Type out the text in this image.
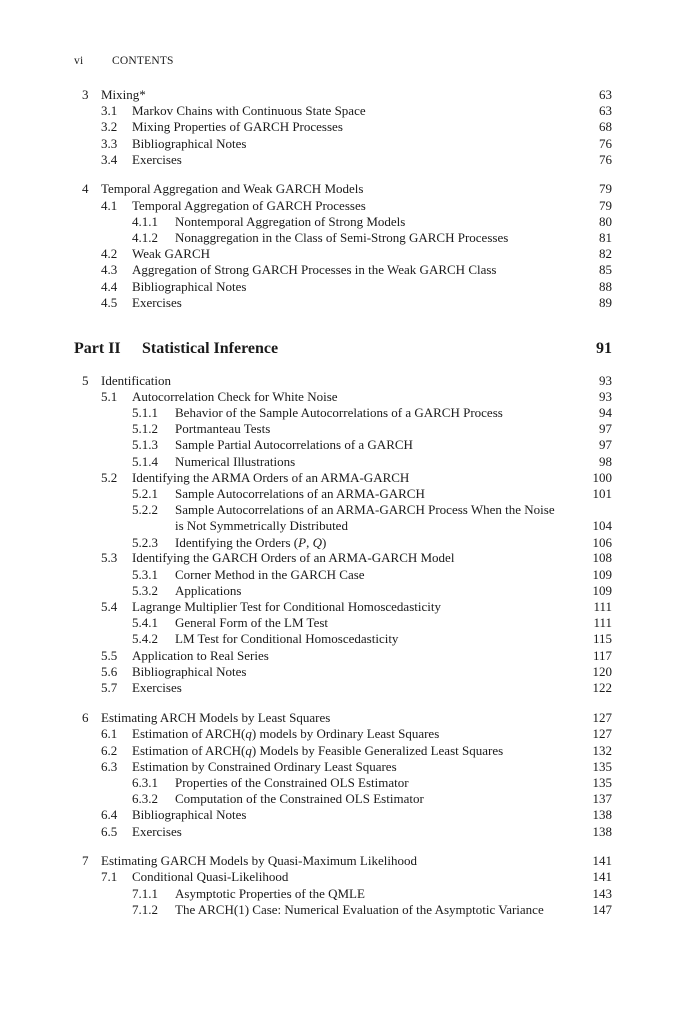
vi CONTENTS
3 Mixing*	63
3.1 Markov Chains with Continuous State Space	63
3.2 Mixing Properties of GARCH Processes	68
3.3 Bibliographical Notes	76
3.4 Exercises	76
4 Temporal Aggregation and Weak GARCH Models	79
4.1 Temporal Aggregation of GARCH Processes	79
4.1.1 Nontemporal Aggregation of Strong Models	80
4.1.2 Nonaggregation in the Class of Semi-Strong GARCH Processes	81
4.2 Weak GARCH	82
4.3 Aggregation of Strong GARCH Processes in the Weak GARCH Class	85
4.4 Bibliographical Notes	88
4.5 Exercises	89
Part II Statistical Inference	91
5 Identification	93
5.1 Autocorrelation Check for White Noise	93
5.1.1 Behavior of the Sample Autocorrelations of a GARCH Process	94
5.1.2 Portmanteau Tests	97
5.1.3 Sample Partial Autocorrelations of a GARCH	97
5.1.4 Numerical Illustrations	98
5.2 Identifying the ARMA Orders of an ARMA-GARCH	100
5.2.1 Sample Autocorrelations of an ARMA-GARCH	101
5.2.2 Sample Autocorrelations of an ARMA-GARCH Process When the Noise
is Not Symmetrically Distributed	104
5.2.3 Identifying the Orders (P, Q)	106
5.3 Identifying the GARCH Orders of an ARMA-GARCH Model	108
5.3.1 Corner Method in the GARCH Case	109
5.3.2 Applications	109
5.4 Lagrange Multiplier Test for Conditional Homoscedasticity	111
5.4.1 General Form of the LM Test	111
5.4.2 LM Test for Conditional Homoscedasticity	115
5.5 Application to Real Series	117
5.6 Bibliographical Notes	120
5.7 Exercises	122
6 Estimating ARCH Models by Least Squares	127
6.1 Estimation of ARCH(q) models by Ordinary Least Squares	127
6.2 Estimation of ARCH(q) Models by Feasible Generalized Least Squares	132
6.3 Estimation by Constrained Ordinary Least Squares	135
6.3.1 Properties of the Constrained OLS Estimator	135
6.3.2 Computation of the Constrained OLS Estimator	137
6.4 Bibliographical Notes	138
6.5 Exercises	138
7 Estimating GARCH Models by Quasi-Maximum Likelihood	141
7.1 Conditional Quasi-Likelihood	141
7.1.1 Asymptotic Properties of the QMLE	143
7.1.2 The ARCH(1) Case: Numerical Evaluation of the Asymptotic Variance	147
